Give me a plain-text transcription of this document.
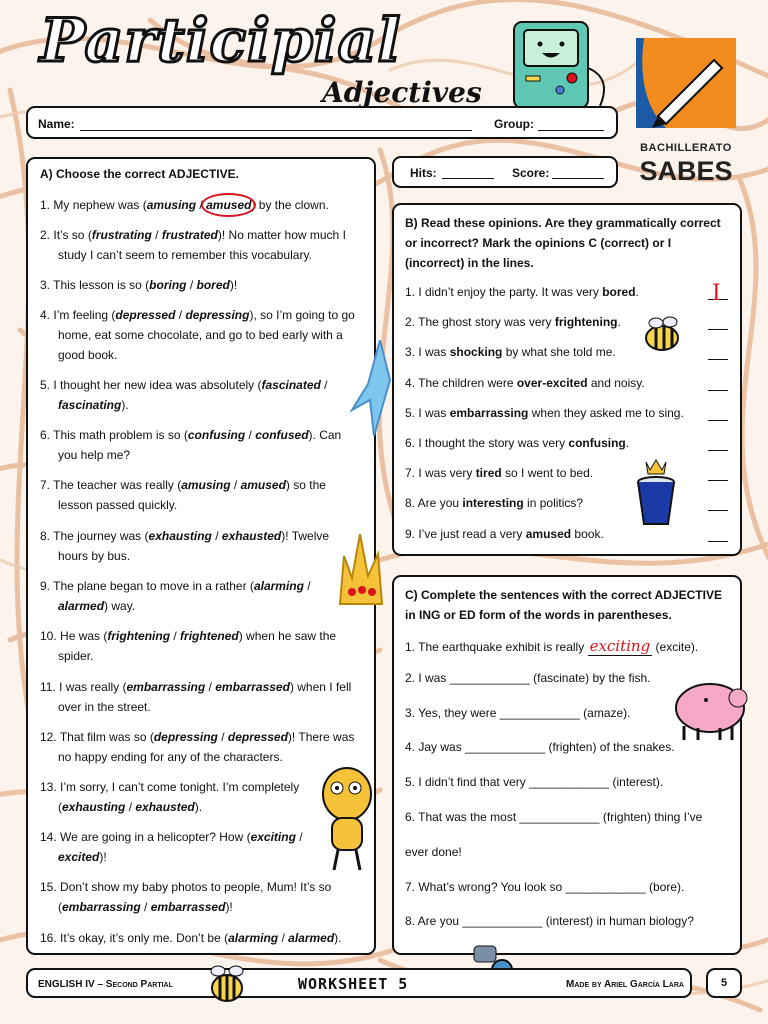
Participial
Adjectives
Name:	Group:
BACHILLERATO
SABES
Hits:	Score:
A) Choose the correct ADJECTIVE.
1. My nephew was (amusing / amused) by the clown.
2. It’s so (frustrating / frustrated)! No matter how much I
study I can’t seem to remember this vocabulary.
3. This lesson is so (boring / bored)!
4. I’m feeling (depressed / depressing), so I’m going to go
home, eat some chocolate, and go to bed early with a
good book.
5. I thought her new idea was absolutely (fascinated /
fascinating).
6. This math problem is so (confusing / confused). Can
you help me?
7. The teacher was really (amusing / amused) so the
lesson passed quickly.
8. The journey was (exhausting / exhausted)! Twelve
hours by bus.
9. The plane began to move in a rather (alarming /
alarmed) way.
10. He was (frightening / frightened) when he saw the
spider.
11. I was really (embarrassing / embarrassed) when I fell
over in the street.
12. That film was so (depressing / depressed)! There was
no happy ending for any of the characters.
13. I’m sorry, I can’t come tonight. I’m completely
(exhausting / exhausted).
14. We are going in a helicopter? How (exciting /
excited)!
15. Don’t show my baby photos to people, Mum! It’s so
(embarrassing / embarrassed)!
16. It’s okay, it’s only me. Don’t be (alarming / alarmed).
B) Read these opinions. Are they grammatically correct or incorrect? Mark the opinions C (correct) or I (incorrect) in the lines.
1. I didn’t enjoy the party. It was very bored.
2. The ghost story was very frightening.
3. I was shocking by what she told me.
4. The children were over-excited and noisy.
5. I was embarrassing when they asked me to sing.
6. I thought the story was very confusing.
7. I was very tired so I went to bed.
8. Are you interesting in politics?
9. I’ve just read a very amused book.
I
C) Complete the sentences with the correct ADJECTIVE in ING or ED form of the words in parentheses.
1. The earthquake exhibit is really exciting (excite).
2. I was ____________ (fascinate) by the fish.
3. Yes, they were ____________ (amaze).
4. Jay was ____________ (frighten) of the snakes.
5. I didn’t find that very ____________ (interest).
6. That was the most ____________ (frighten) thing I’ve
ever done!
7. What’s wrong? You look so ____________ (bore).
8. Are you ____________ (interest) in human biology?
ENGLISH IV – Second Partial	WORKSHEET 5	Made by Ariel García Lara	5
